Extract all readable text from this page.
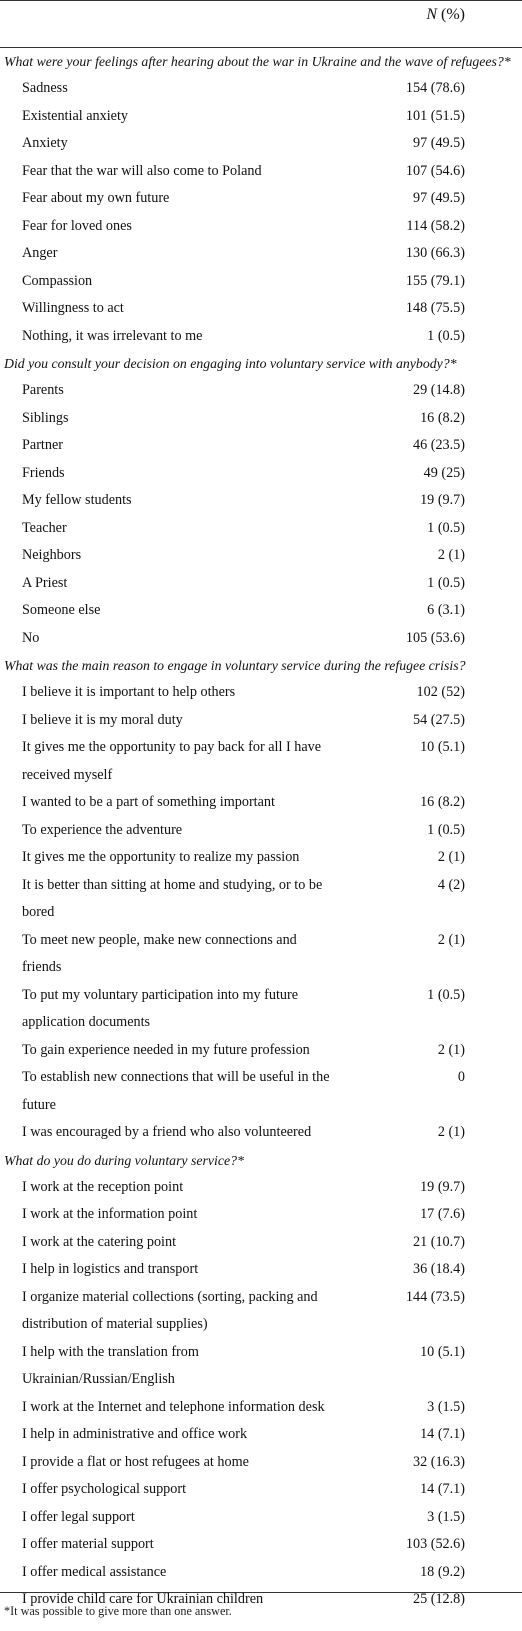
N (%)
What were your feelings after hearing about the war in Ukraine and the wave of refugees?*
Sadness	154 (78.6)
Existential anxiety	101 (51.5)
Anxiety	97 (49.5)
Fear that the war will also come to Poland	107 (54.6)
Fear about my own future	97 (49.5)
Fear for loved ones	114 (58.2)
Anger	130 (66.3)
Compassion	155 (79.1)
Willingness to act	148 (75.5)
Nothing, it was irrelevant to me	1 (0.5)
Did you consult your decision on engaging into voluntary service with anybody?*
Parents	29 (14.8)
Siblings	16 (8.2)
Partner	46 (23.5)
Friends	49 (25)
My fellow students	19 (9.7)
Teacher	1 (0.5)
Neighbors	2 (1)
A Priest	1 (0.5)
Someone else	6 (3.1)
No	105 (53.6)
What was the main reason to engage in voluntary service during the refugee crisis?
I believe it is important to help others	102 (52)
I believe it is my moral duty	54 (27.5)
It gives me the opportunity to pay back for all I have received myself
10 (5.1)
I wanted to be a part of something important	16 (8.2)
To experience the adventure	1 (0.5)
It gives me the opportunity to realize my passion	2 (1)
It is better than sitting at home and studying, or to be bored
4 (2)
To meet new people, make new connections and friends
2 (1)
To put my voluntary participation into my future application documents
1 (0.5)
To gain experience needed in my future profession	2 (1)
To establish new connections that will be useful in the future
0
I was encouraged by a friend who also volunteered	2 (1)
What do you do during voluntary service?*
I work at the reception point	19 (9.7)
I work at the information point	17 (7.6)
I work at the catering point	21 (10.7)
I help in logistics and transport	36 (18.4)
I organize material collections (sorting, packing and distribution of material supplies)
144 (73.5)
I help with the translation from Ukrainian/Russian/English
10 (5.1)
I work at the Internet and telephone information desk	3 (1.5)
I help in administrative and office work	14 (7.1)
I provide a flat or host refugees at home	32 (16.3)
I offer psychological support	14 (7.1)
I offer legal support	3 (1.5)
I offer material support	103 (52.6)
I offer medical assistance	18 (9.2)
I provide child care for Ukrainian children	25 (12.8)
*It was possible to give more than one answer.
